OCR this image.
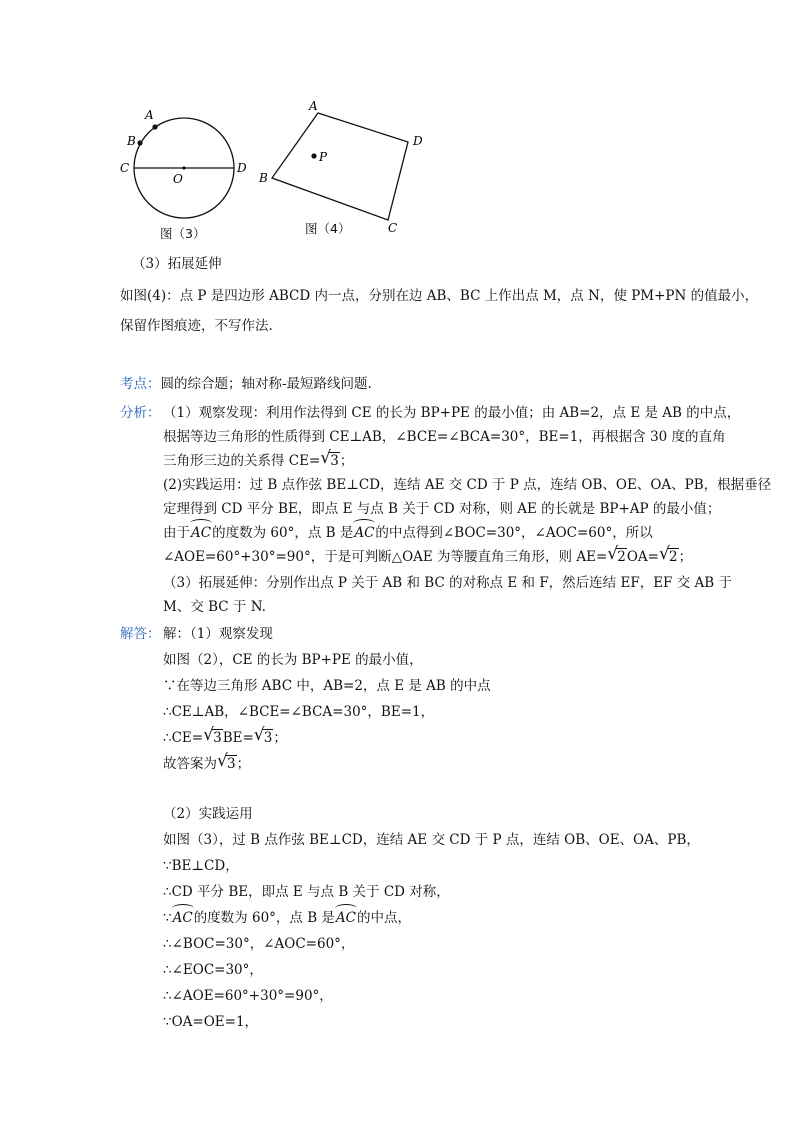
A
B
C
O
D
图（3）
A
D
B
C
P
图（4）
（3）拓展延伸
如图(4)：点 P 是四边形 ABCD 内一点，分别在边 AB、BC 上作出点 M，点 N，使 PM+PN 的值最小，
保留作图痕迹，不写作法.
考点：圆的综合题；轴对称-最短路线问题.
分析： （1）观察发现：利用作法得到 CE 的长为 BP+PE 的最小值；由 AB=2，点 E 是 AB 的中点，
根据等边三角形的性质得到 CE⊥AB，∠BCE=∠BCA=30°，BE=1，再根据含 30 度的直角
三角形三边的关系得 CE= √ 3；
(2)实践运用：过 B 点作弦 BE⊥CD，连结 AE 交 CD 于 P 点，连结 OB、OE、OA、PB，根据垂径
定理得到 CD 平分 BE，即点 E 与点 B 关于 CD 对称，则 AE 的长就是 BP+AP 的最小值；
由于AC的度数为 60°，点 B 是AC的中点得到∠BOC=30°，∠AOC=60°，所以
∠AOE=60°+30°=90°，于是可判断△OAE 为等腰直角三角形，则 AE= √ 2OA= √ 2；
（3）拓展延伸：分别作出点 P 关于 AB 和 BC 的对称点 E 和 F，然后连结 EF，EF 交 AB 于
M、交 BC 于 N.
解答： 解：（1）观察发现
如图（2），CE 的长为 BP+PE 的最小值，
∵在等边三角形 ABC 中，AB=2，点 E 是 AB 的中点
∴CE⊥AB，∠BCE=∠BCA=30°，BE=1，
∴CE= √ 3BE= √ 3；
故答案为 √ 3；
（2）实践运用
如图（3），过 B 点作弦 BE⊥CD，连结 AE 交 CD 于 P 点，连结 OB、OE、OA、PB，
∵BE⊥CD，
∴CD 平分 BE，即点 E 与点 B 关于 CD 对称，
∵AC的度数为 60°，点 B 是AC的中点，
∴∠BOC=30°，∠AOC=60°，
∴∠EOC=30°，
∴∠AOE=60°+30°=90°，
∵OA=OE=1，
